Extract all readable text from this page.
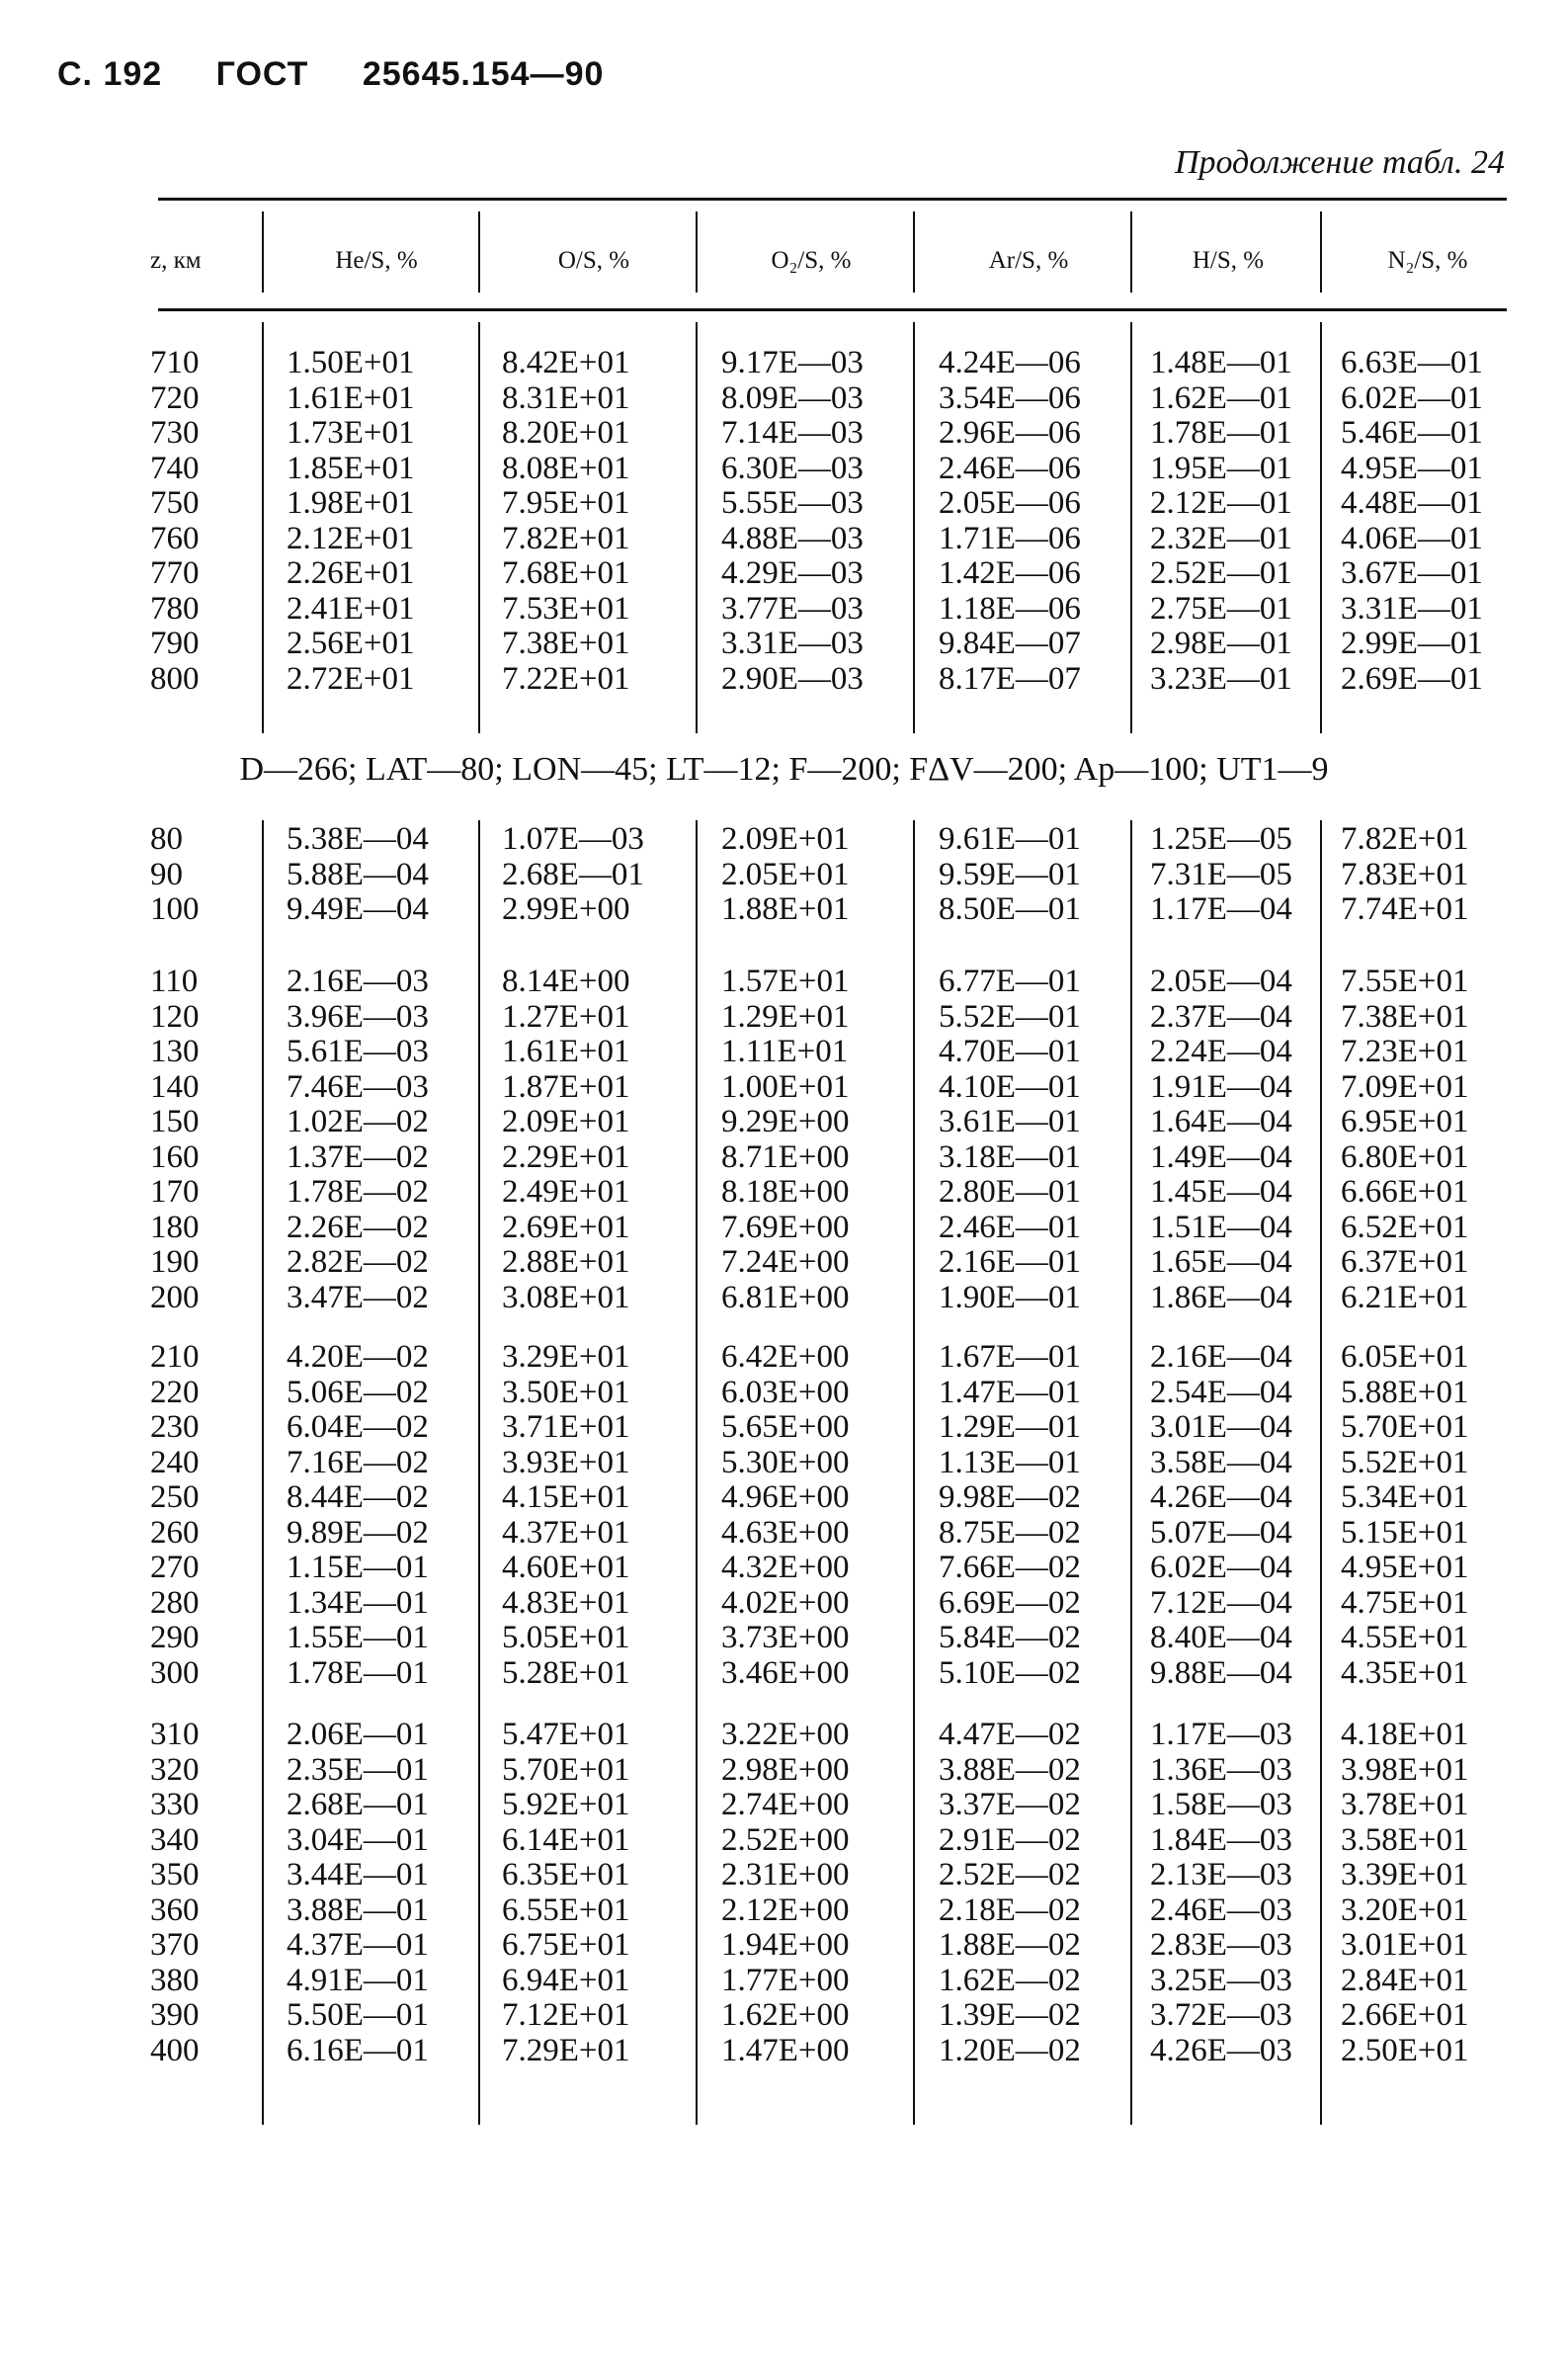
С. 192 ГОСТ 25645.154—90
Продолжение табл. 24
z, км	He/S, %	O/S, %	O₂/S, %	Ar/S, %	H/S, %	N₂/S, %
710	1.50E+01	8.42E+01	9.17E—03 4.24E—06 1.48E—01 6.63E—01
720	1.61E+01	8.31E+01	8.09E—03 3.54E—06 1.62E—01 6.02E—01
730	1.73E+01	8.20E+01	7.14E—03 2.96E—06 1.78E—01 5.46E—01
740	1.85E+01	8.08E+01	6.30E—03 2.46E—06 1.95E—01 4.95E—01
750	1.98E+01	7.95E+01	5.55E—03 2.05E—06 2.12E—01 4.48E—01
760	2.12E+01	7.82E+01	4.88E—03 1.71E—06 2.32E—01 4.06E—01
770	2.26E+01	7.68E+01	4.29E—03 1.42E—06 2.52E—01 3.67E—01
780	2.41E+01	7.53E+01	3.77E—03 1.18E—06 2.75E—01 3.31E—01
790	2.56E+01	7.38E+01	3.31E—03 9.84E—07 2.98E—01 2.99E—01
800	2.72E+01	7.22E+01	2.90E—03 8.17E—07 3.23E—01 2.69E—01
80	5.38E—04 1.07E—03 2.09E+01	9.61E—01 1.25E—05 7.82E+01
90	5.88E—04 2.68E—01 2.05E+01	9.59E—01 7.31E—05 7.83E+01
100	9.49E—04 2.99E+00	1.88E+01	8.50E—01 1.17E—04 7.74E+01
110	2.16E—03 8.14E+00	1.57E+01	6.77E—01 2.05E—04 7.55E+01
120	3.96E—03 1.27E+01	1.29E+01	5.52E—01 2.37E—04 7.38E+01
130	5.61E—03 1.61E+01	1.11E+01	4.70E—01 2.24E—04 7.23E+01
140	7.46E—03 1.87E+01	1.00E+01	4.10E—01 1.91E—04 7.09E+01
150	1.02E—02 2.09E+01	9.29E+00	3.61E—01 1.64E—04 6.95E+01
160	1.37E—02 2.29E+01	8.71E+00	3.18E—01 1.49E—04 6.80E+01
170	1.78E—02 2.49E+01	8.18E+00	2.80E—01 1.45E—04 6.66E+01
180	2.26E—02 2.69E+01	7.69E+00	2.46E—01 1.51E—04 6.52E+01
190	2.82E—02 2.88E+01	7.24E+00	2.16E—01 1.65E—04 6.37E+01
200	3.47E—02 3.08E+01	6.81E+00	1.90E—01 1.86E—04 6.21E+01
210	4.20E—02 3.29E+01	6.42E+00	1.67E—01 2.16E—04 6.05E+01
220	5.06E—02 3.50E+01	6.03E+00	1.47E—01 2.54E—04 5.88E+01
230	6.04E—02 3.71E+01	5.65E+00	1.29E—01 3.01E—04 5.70E+01
240	7.16E—02 3.93E+01	5.30E+00	1.13E—01 3.58E—04 5.52E+01
250	8.44E—02 4.15E+01	4.96E+00	9.98E—02 4.26E—04 5.34E+01
260	9.89E—02 4.37E+01	4.63E+00	8.75E—02 5.07E—04 5.15E+01
270	1.15E—01 4.60E+01	4.32E+00	7.66E—02 6.02E—04 4.95E+01
280	1.34E—01 4.83E+01	4.02E+00	6.69E—02 7.12E—04 4.75E+01
290	1.55E—01 5.05E+01	3.73E+00	5.84E—02 8.40E—04 4.55E+01
300	1.78E—01 5.28E+01	3.46E+00	5.10E—02 9.88E—04 4.35E+01
310	2.06E—01 5.47E+01	3.22E+00	4.47E—02 1.17E—03 4.18E+01
320	2.35E—01 5.70E+01	2.98E+00	3.88E—02 1.36E—03 3.98E+01
330	2.68E—01 5.92E+01	2.74E+00	3.37E—02 1.58E—03 3.78E+01
340	3.04E—01 6.14E+01	2.52E+00	2.91E—02 1.84E—03 3.58E+01
350	3.44E—01 6.35E+01	2.31E+00	2.52E—02 2.13E—03 3.39E+01
360	3.88E—01 6.55E+01	2.12E+00	2.18E—02 2.46E—03 3.20E+01
370	4.37E—01 6.75E+01	1.94E+00	1.88E—02 2.83E—03 3.01E+01
380	4.91E—01 6.94E+01	1.77E+00	1.62E—02 3.25E—03 2.84E+01
390	5.50E—01 7.12E+01	1.62E+00	1.39E—02 3.72E—03 2.66E+01
400	6.16E—01 7.29E+01	1.47E+00	1.20E—02 4.26E—03 2.50E+01
D—266; LAT—80; LON—45; LT—12; F—200; FΔV—200; Ap—100; UT1—9
